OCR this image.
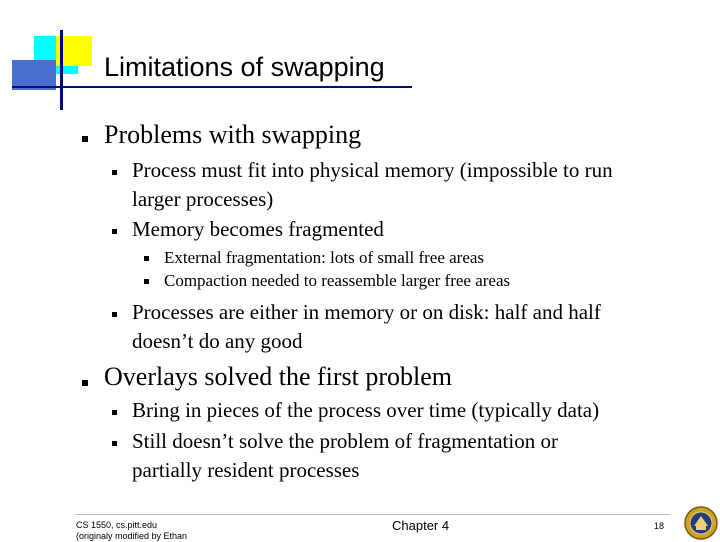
Limitations of swapping
Problems with swapping
Process must fit into physical memory (impossible to run
larger processes)
Memory becomes fragmented
External fragmentation: lots of small free areas
Compaction needed to reassemble larger free areas
Processes are either in memory or on disk: half and half
doesn’t do any good
Overlays solved the first problem
Bring in pieces of the process over time (typically data)
Still doesn’t solve the problem of fragmentation or
partially resident processes
CS 1550, cs.pitt.edu
(originaly modified by Ethan
Chapter 4	18
